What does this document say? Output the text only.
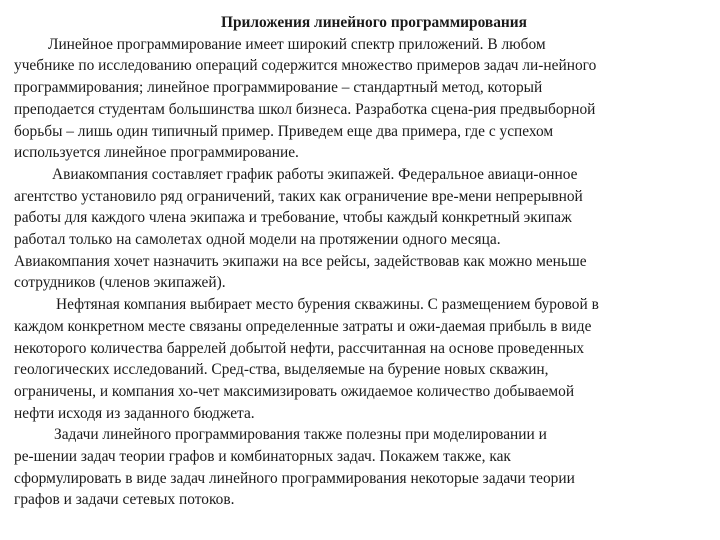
Приложения линейного программирования
Линейное программирование имеет широкий спектр приложений. В любом
учебнике по исследованию операций содержится множество примеров задач ли-нейного
программирования; линейное программирование – стандартный метод, который
преподается студентам большинства школ бизнеса. Разработка сцена-рия предвыборной
борьбы – лишь один типичный пример. Приведем еще два примера, где с успехом
используется линейное программирование.
Авиакомпания составляет график работы экипажей. Федеральное авиаци-онное
агентство установило ряд ограничений, таких как ограничение вре-мени непрерывной
работы для каждого члена экипажа и требование, чтобы каждый конкретный экипаж
работал только на самолетах одной модели на протяжении одного месяца.
Авиакомпания хочет назначить экипажи на все рейсы, задействовав как можно меньше
сотрудников (членов экипажей).
Нефтяная компания выбирает место бурения скважины. С размещением буровой в
каждом конкретном месте связаны определенные затраты и ожи-даемая прибыль в виде
некоторого количества баррелей добытой нефти, рассчитанная на основе проведенных
геологических исследований. Сред-ства, выделяемые на бурение новых скважин,
ограничены, и компания хо-чет максимизировать ожидаемое количество добываемой
нефти исходя из заданного бюджета.
Задачи линейного программирования также полезны при моделировании и
ре-шении задач теории графов и комбинаторных задач. Покажем также, как
сформулировать в виде задач линейного программирования некоторые задачи теории
графов и задачи сетевых потоков.
